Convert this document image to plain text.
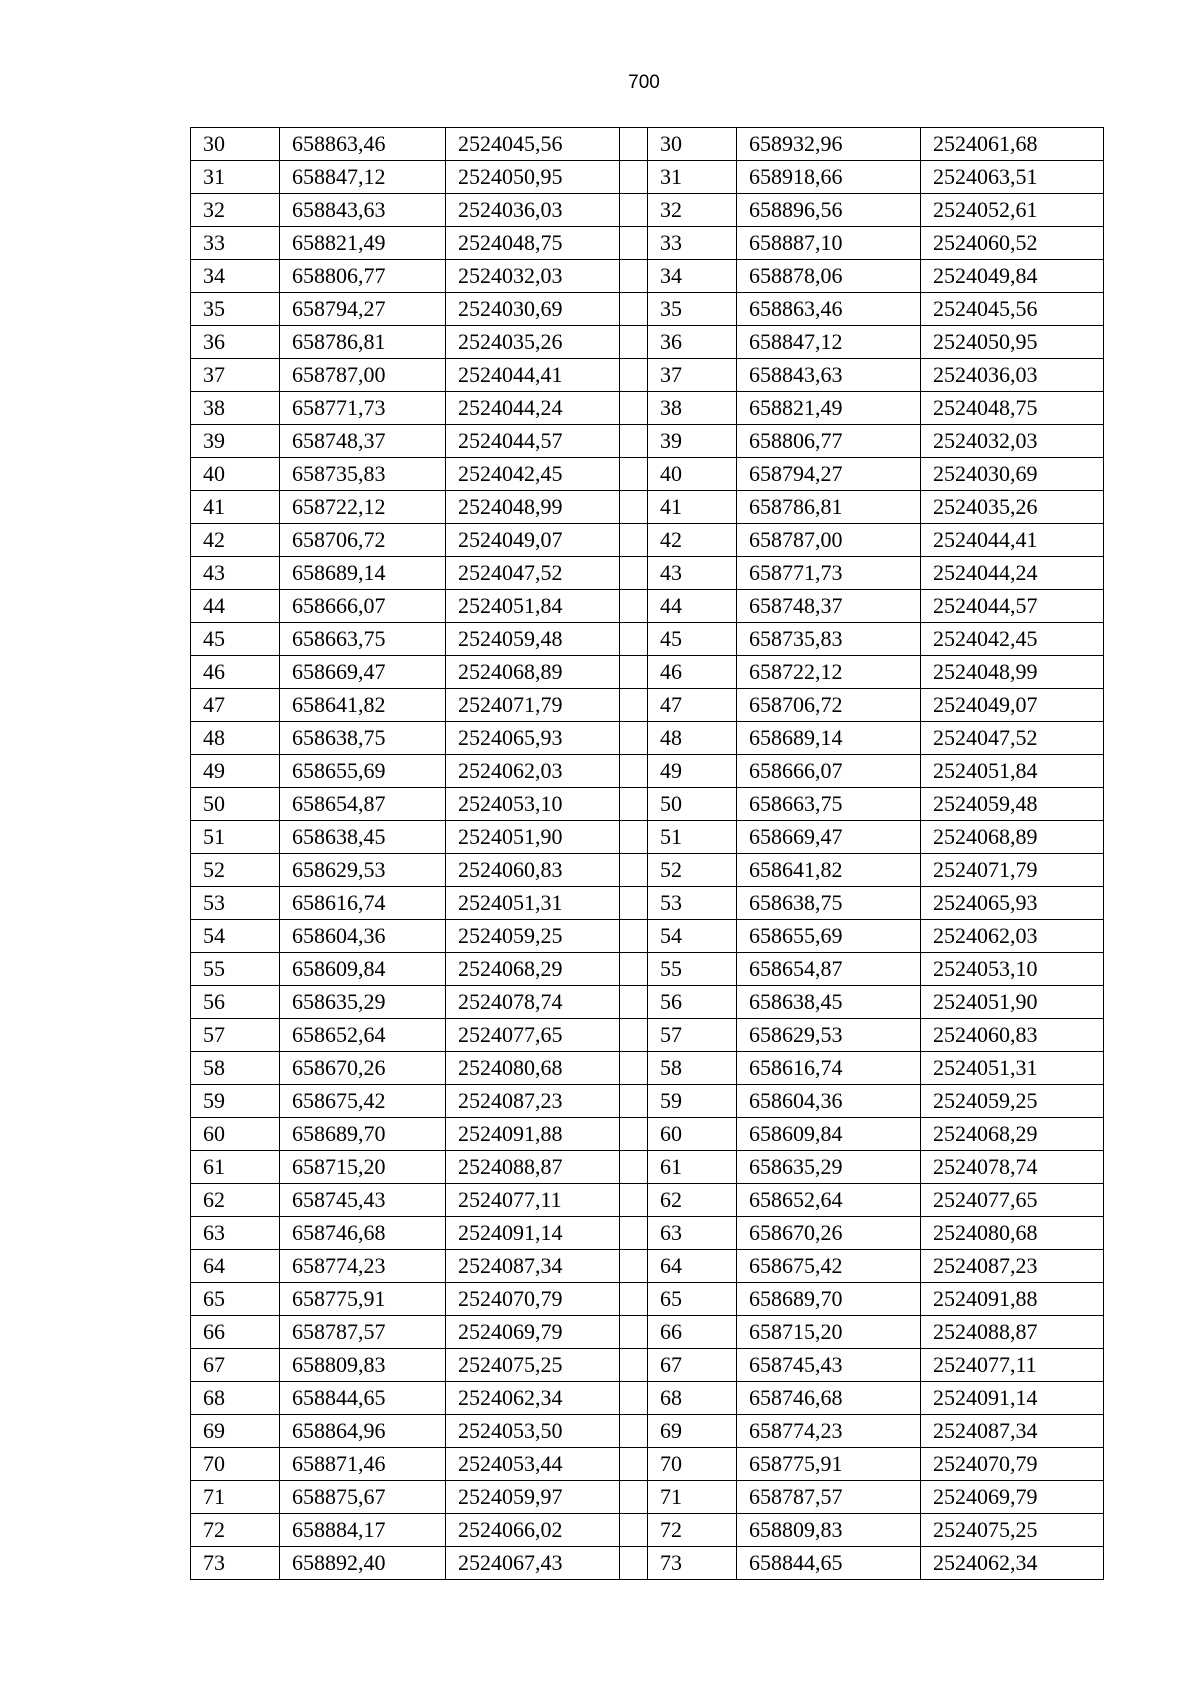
700
30	658863,46	2524045,56		30	658932,96	2524061,68
31	658847,12	2524050,95		31	658918,66	2524063,51
32	658843,63	2524036,03		32	658896,56	2524052,61
33	658821,49	2524048,75		33	658887,10	2524060,52
34	658806,77	2524032,03		34	658878,06	2524049,84
35	658794,27	2524030,69		35	658863,46	2524045,56
36	658786,81	2524035,26		36	658847,12	2524050,95
37	658787,00	2524044,41		37	658843,63	2524036,03
38	658771,73	2524044,24		38	658821,49	2524048,75
39	658748,37	2524044,57		39	658806,77	2524032,03
40	658735,83	2524042,45		40	658794,27	2524030,69
41	658722,12	2524048,99		41	658786,81	2524035,26
42	658706,72	2524049,07		42	658787,00	2524044,41
43	658689,14	2524047,52		43	658771,73	2524044,24
44	658666,07	2524051,84		44	658748,37	2524044,57
45	658663,75	2524059,48		45	658735,83	2524042,45
46	658669,47	2524068,89		46	658722,12	2524048,99
47	658641,82	2524071,79		47	658706,72	2524049,07
48	658638,75	2524065,93		48	658689,14	2524047,52
49	658655,69	2524062,03		49	658666,07	2524051,84
50	658654,87	2524053,10		50	658663,75	2524059,48
51	658638,45	2524051,90		51	658669,47	2524068,89
52	658629,53	2524060,83		52	658641,82	2524071,79
53	658616,74	2524051,31		53	658638,75	2524065,93
54	658604,36	2524059,25		54	658655,69	2524062,03
55	658609,84	2524068,29		55	658654,87	2524053,10
56	658635,29	2524078,74		56	658638,45	2524051,90
57	658652,64	2524077,65		57	658629,53	2524060,83
58	658670,26	2524080,68		58	658616,74	2524051,31
59	658675,42	2524087,23		59	658604,36	2524059,25
60	658689,70	2524091,88		60	658609,84	2524068,29
61	658715,20	2524088,87		61	658635,29	2524078,74
62	658745,43	2524077,11		62	658652,64	2524077,65
63	658746,68	2524091,14		63	658670,26	2524080,68
64	658774,23	2524087,34		64	658675,42	2524087,23
65	658775,91	2524070,79		65	658689,70	2524091,88
66	658787,57	2524069,79		66	658715,20	2524088,87
67	658809,83	2524075,25		67	658745,43	2524077,11
68	658844,65	2524062,34		68	658746,68	2524091,14
69	658864,96	2524053,50		69	658774,23	2524087,34
70	658871,46	2524053,44		70	658775,91	2524070,79
71	658875,67	2524059,97		71	658787,57	2524069,79
72	658884,17	2524066,02		72	658809,83	2524075,25
73	658892,40	2524067,43		73	658844,65	2524062,34
